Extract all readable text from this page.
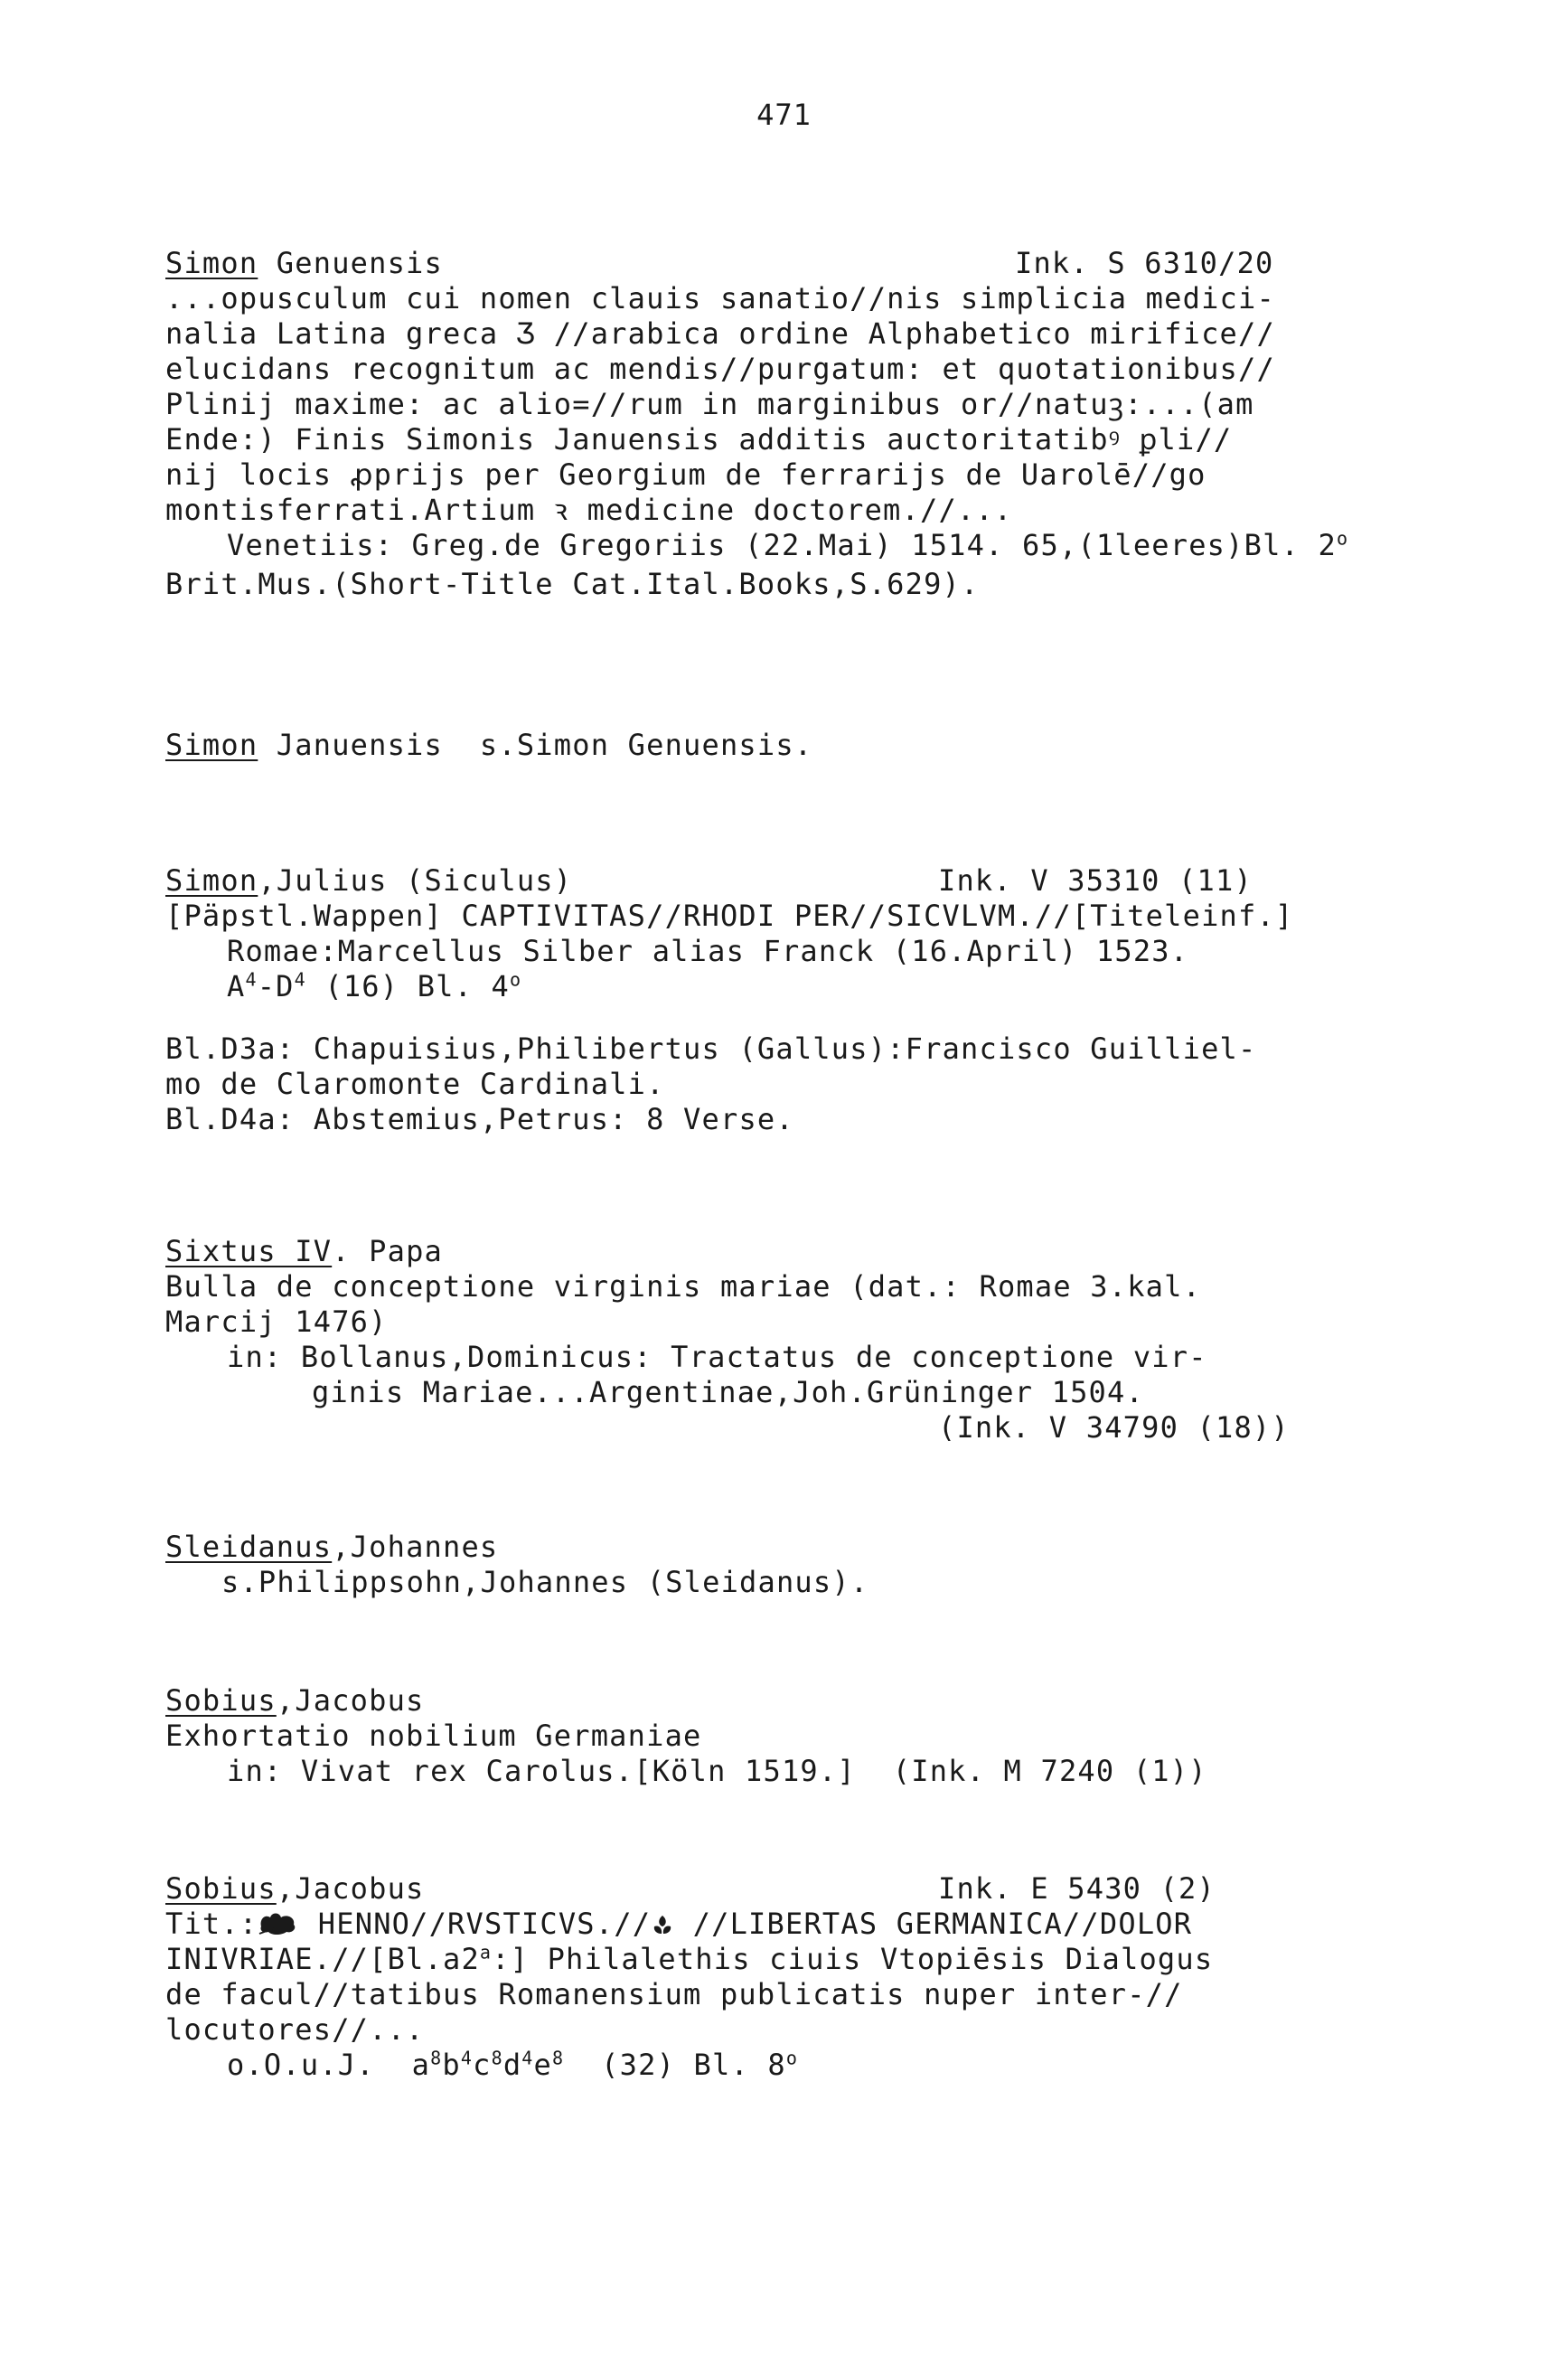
471
Simon Genuensis	Ink. S 6310/20
...opusculum cui nomen clauis sanatio//nis simplicia medici-
nalia Latina greca Ʒ //arabica ordine Alphabetico mirifice//
elucidans recognitum ac mendis//purgatum: et quotationibus//
Plinij maxime: ac alio=//rum in marginibus or//natuꝫ:...(am
Ende:) Finis Simonis Januensis additis auctoritatibꝰ ꝑli//
nij locis ꝓprijs per Georgium de ferrarijs de Uarolē//go
montisferrati.Artium ꝛ medicine doctorem.//...
Venetiis: Greg.de Gregoriis (22.Mai) 1514. 65,(1leeres)Bl. 2$^o$
Brit.Mus.(Short-Title Cat.Ital.Books,S.629).
Simon Januensis  s.Simon Genuensis.
Simon,Julius (Siculus)	Ink. V 35310 (11)
[Päpstl.Wappen] CAPTIVITAS//RHODI PER//SICVLVM.//[Titeleinf.]
Romae:Marcellus Silber alias Franck (16.April) 1523.
$A^4-D^4$ (16) Bl. 4$^o$
Bl.D3a: Chapuisius,Philibertus (Gallus):Francisco Guilliel-
mo de Claromonte Cardinali.
Bl.D4a: Abstemius,Petrus: 8 Verse.
Sixtus IV. Papa
Bulla de conceptione virginis mariae (dat.: Romae 3.kal.
Marcij 1476)
in: Bollanus,Dominicus: Tractatus de conceptione vir-
ginis Mariae...Argentinae,Joh.Grüninger 1504.
(Ink. V 34790 (18))
Sleidanus,Johannes
s.Philippsohn,Johannes (Sleidanus).
Sobius,Jacobus
Exhortatio nobilium Germaniae
in: Vivat rex Carolus.[Köln 1519.]  (Ink. M 7240 (1))
Sobius,Jacobus	Ink. E 5430 (2)
Tit.: HENNO//RVSTICVS.// //LIBERTAS GERMANICA//DOLOR
INIVRIAE.//[Bl.a2$^a$:] Philalethis ciuis Vtopiēsis Dialogus
de facul//tatibus Romanensium publicatis nuper inter-//
locutores//...
o.O.u.J.  $a^8b^4c^8d^4e^8$  (32) Bl. 8$^o$
